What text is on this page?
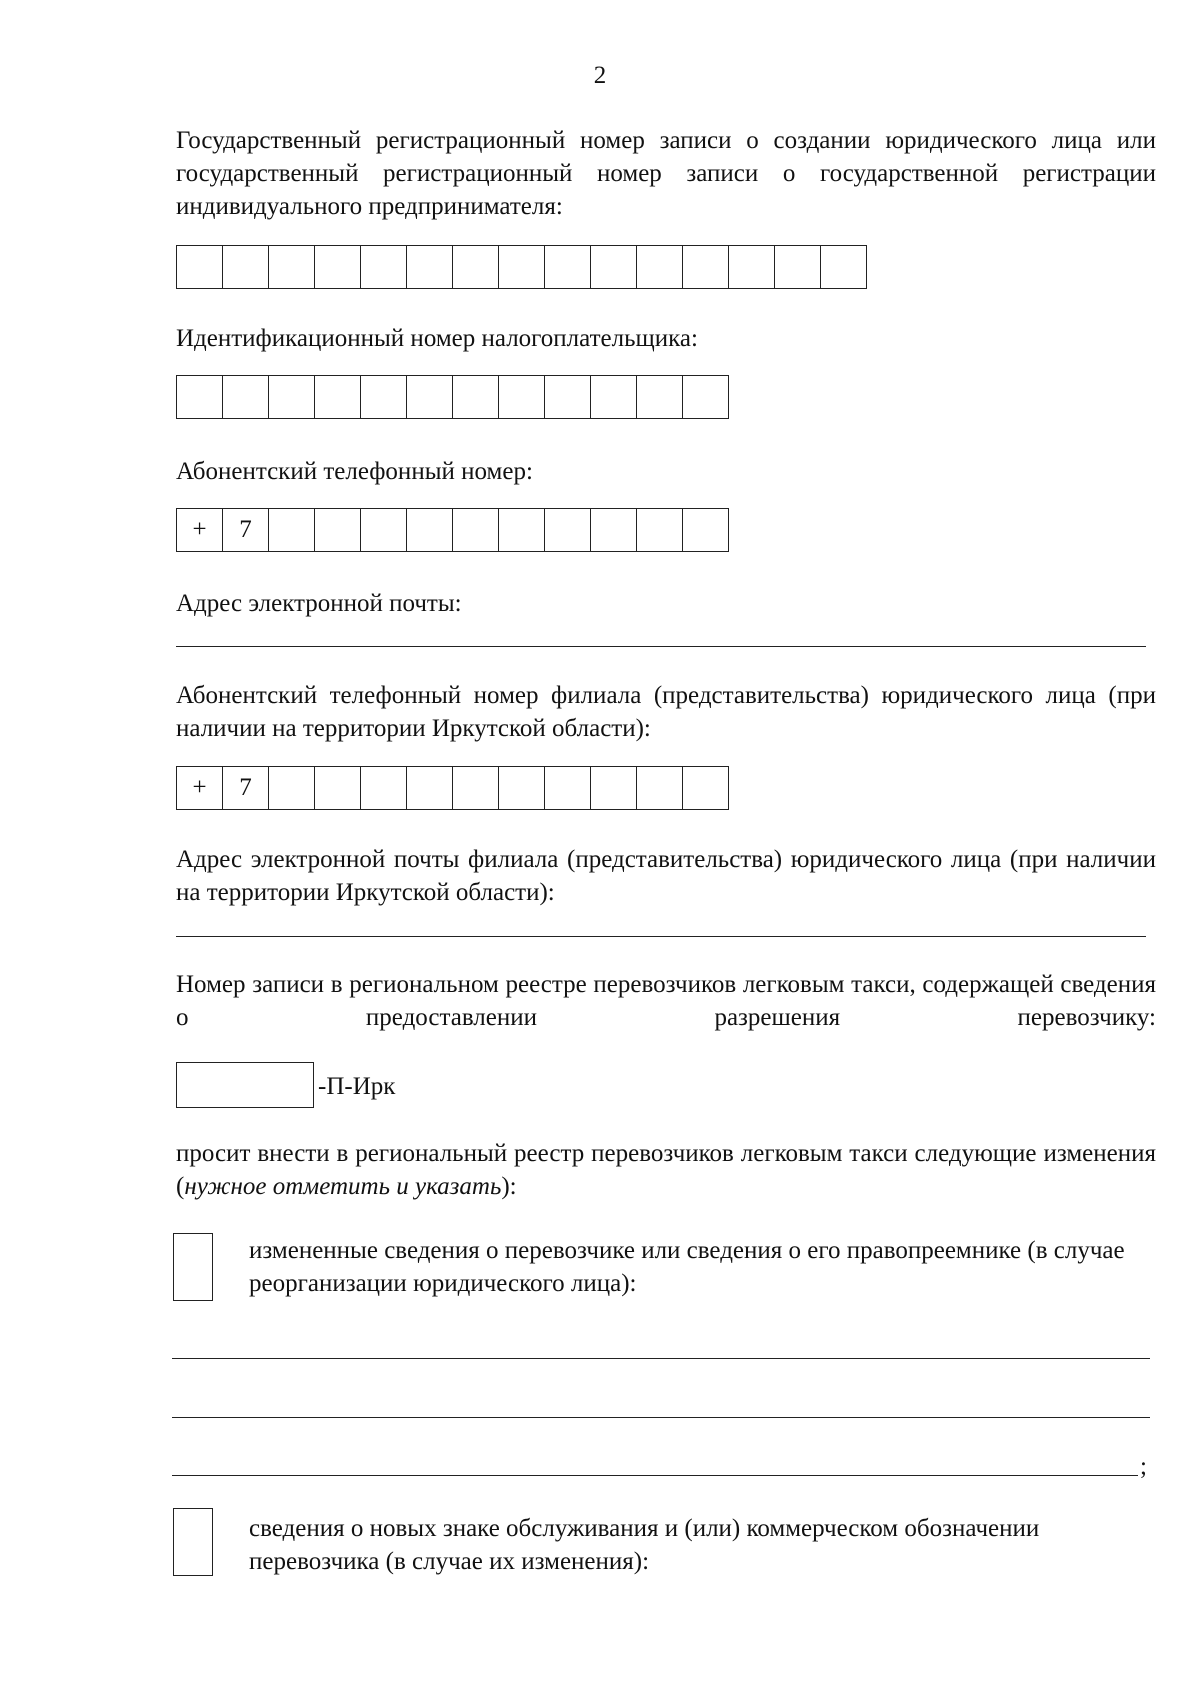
2
Государственный регистрационный номер записи о создании юридического лица или государственный регистрационный номер записи о государственной регистрации индивидуального предпринимателя:
Идентификационный номер налогоплательщика:
Абонентский телефонный номер:
+	7
Адрес электронной почты:
Абонентский телефонный номер филиала (представительства) юридического лица (при наличии на территории Иркутской области):
+	7
Адрес электронной почты филиала (представительства) юридического лица (при наличии на территории Иркутской области):
Номер записи в региональном реестре перевозчиков легковым такси, содержащей сведения о предоставлении разрешения перевозчику:
-П-Ирк
просит внести в региональный реестр перевозчиков легковым такси следующие изменения (нужное отметить и указать):
измененные сведения о перевозчике или сведения о его правопреемнике (в случае реорганизации юридического лица):
;
сведения о новых знаке обслуживания и (или) коммерческом обозначении перевозчика (в случае их изменения):
